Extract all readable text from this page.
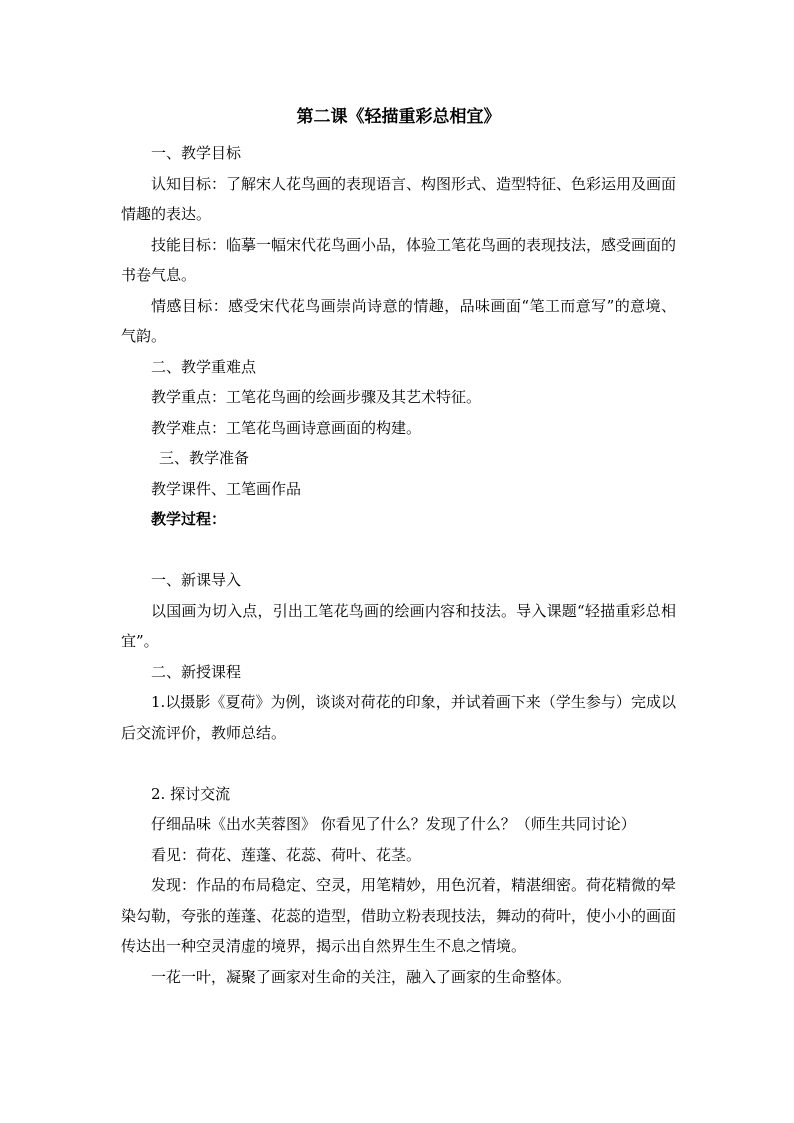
第二课《轻描重彩总相宜》

一、教学目标

认知目标：了解宋人花鸟画的表现语言、构图形式、造型特征、色彩运用及画面情趣的表达。

技能目标：临摹一幅宋代花鸟画小品，体验工笔花鸟画的表现技法，感受画面的书卷气息。

情感目标：感受宋代花鸟画崇尚诗意的情趣，品味画面“笔工而意写”的意境、气韵。

二、教学重难点

教学重点：工笔花鸟画的绘画步骤及其艺术特征。

教学难点：工笔花鸟画诗意画面的构建。

三、教学准备

教学课件、工笔画作品

教学过程：

一、新课导入

以国画为切入点，引出工笔花鸟画的绘画内容和技法。导入课题“轻描重彩总相宜”。

二、新授课程

1.以摄影《夏荷》为例，谈谈对荷花的印象，并试着画下来（学生参与）完成以后交流评价，教师总结。

2. 探讨交流

仔细品味《出水芙蓉图》 你看见了什么？发现了什么？（师生共同讨论）

看见：荷花、莲蓬、花蕊、荷叶、花茎。

发现：作品的布局稳定、空灵，用笔精妙，用色沉着，精湛细密。荷花精微的晕染勾勒，夸张的莲蓬、花蕊的造型，借助立粉表现技法，舞动的荷叶，使小小的画面传达出一种空灵清虚的境界，揭示出自然界生生不息之情境。

一花一叶，凝聚了画家对生命的关注，融入了画家的生命整体。
